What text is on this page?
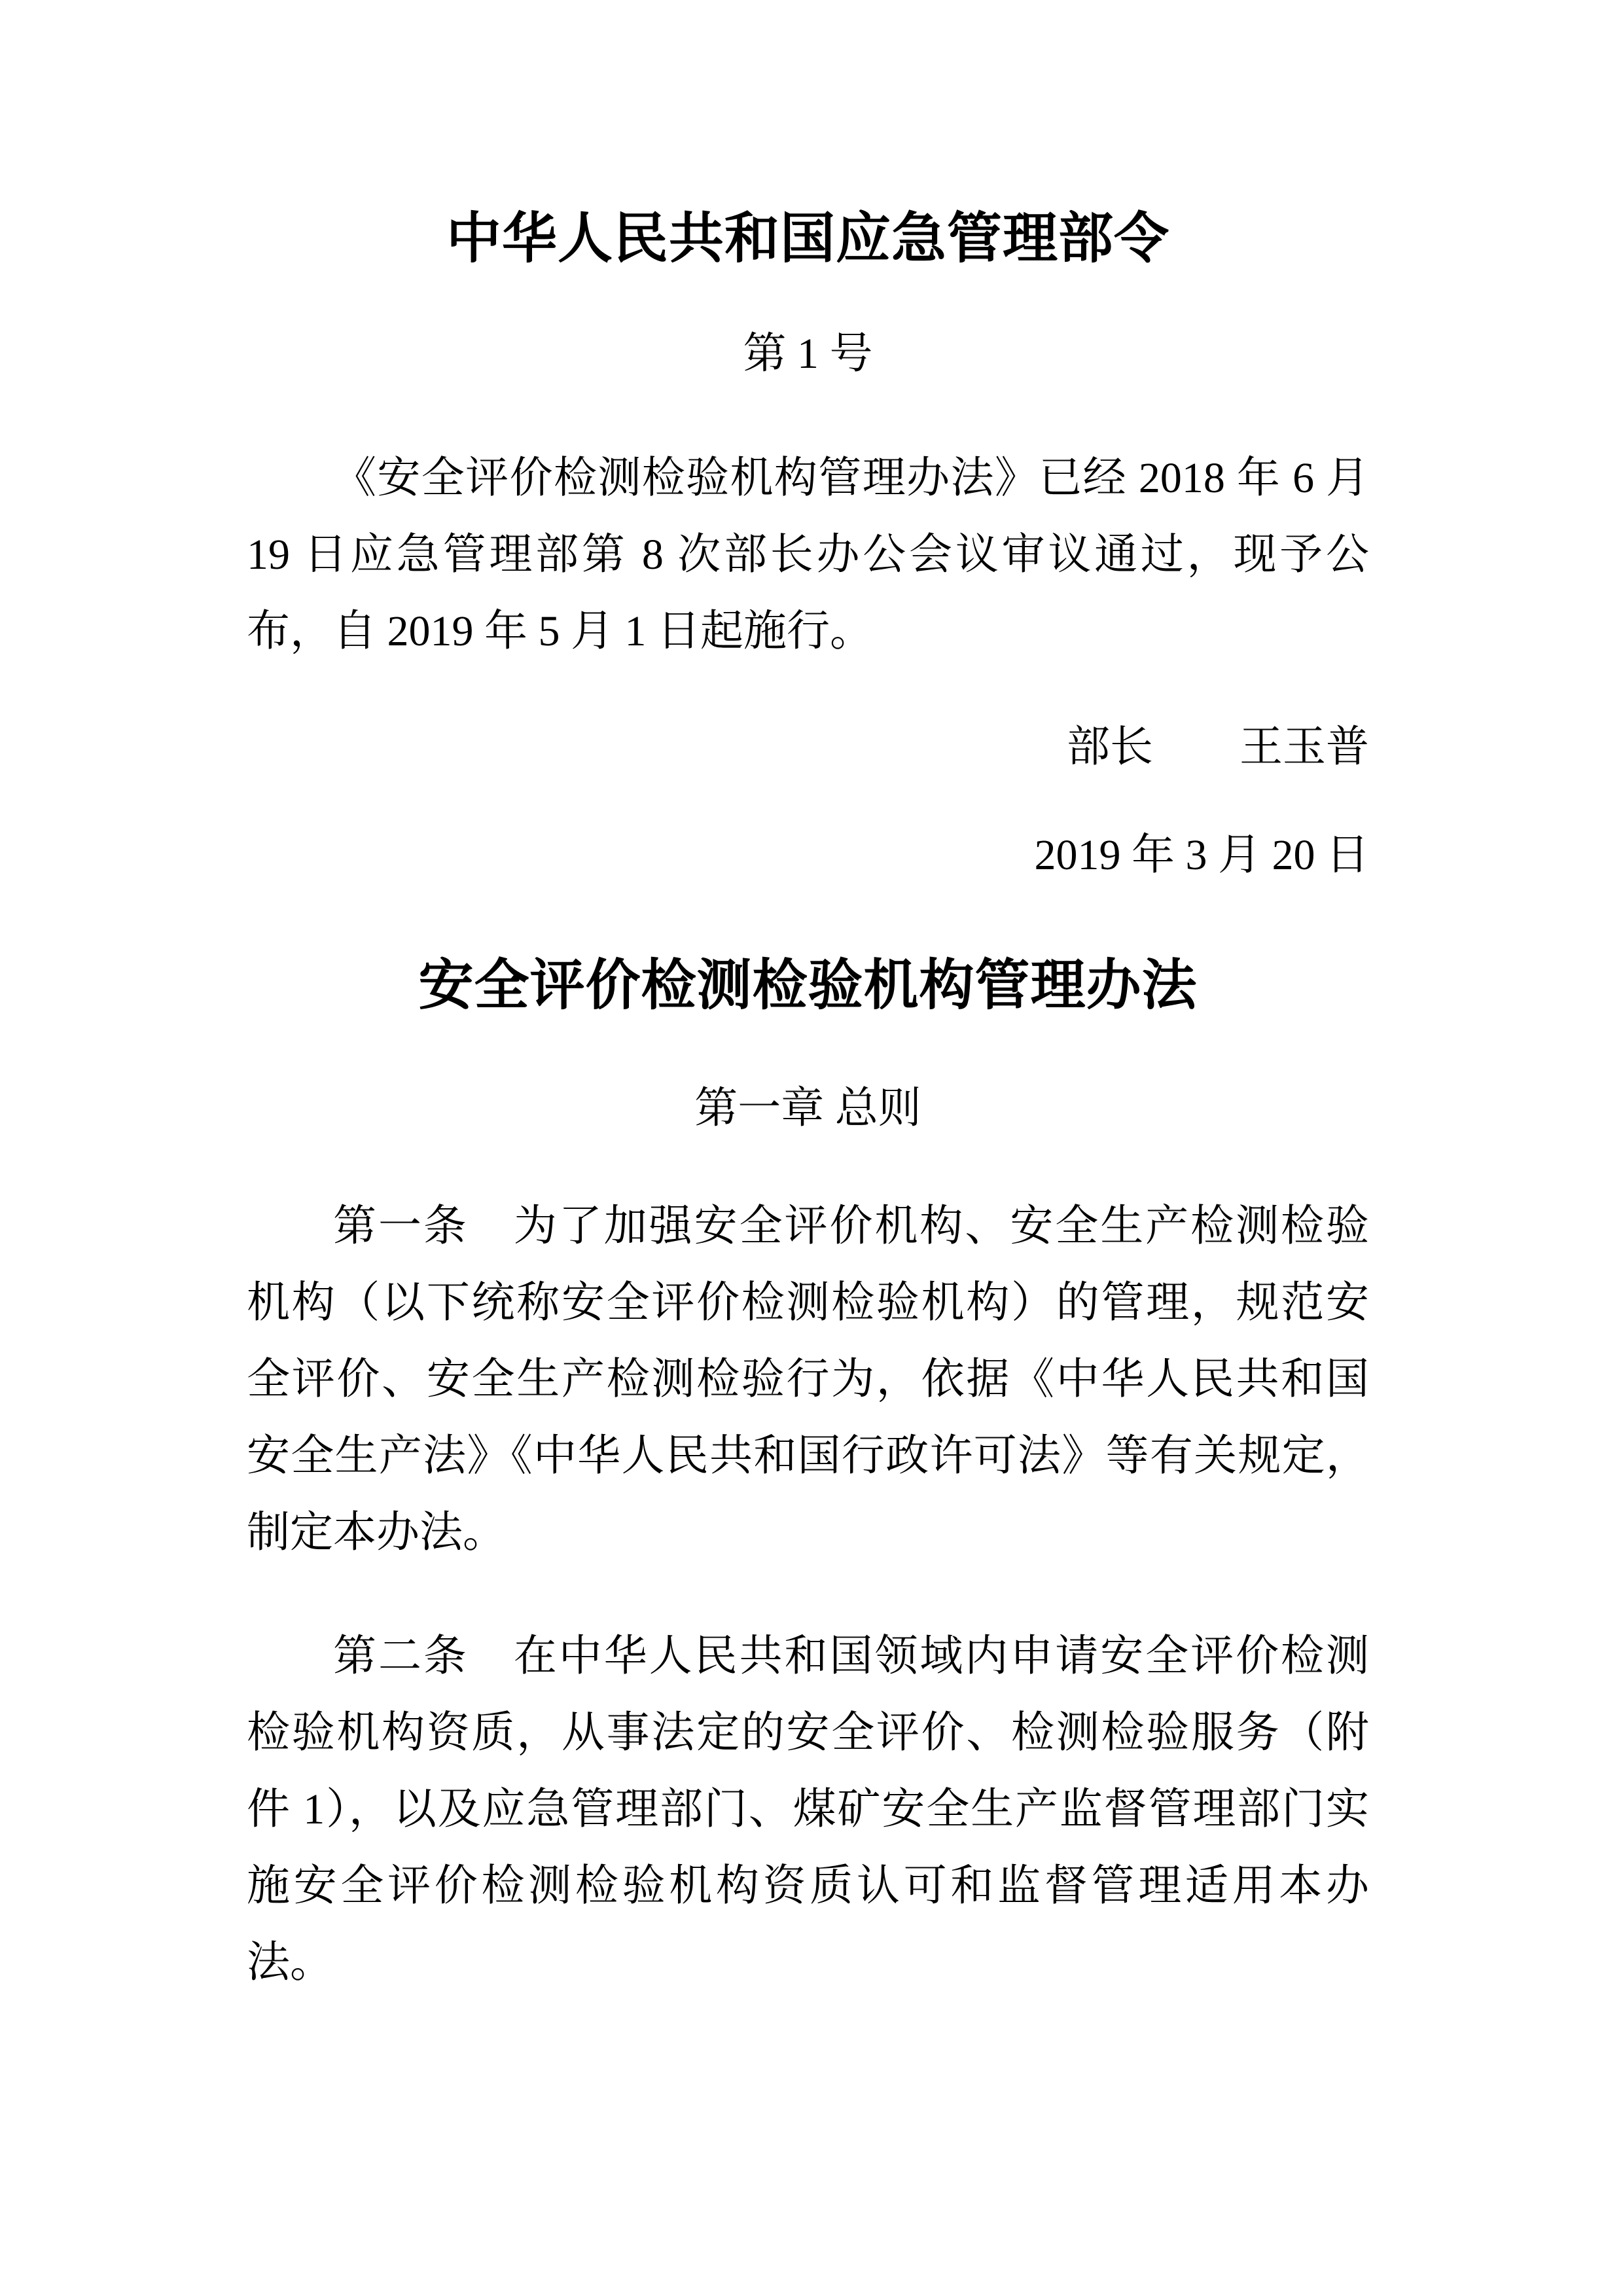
中华人民共和国应急管理部令
第 1 号

《安全评价检测检验机构管理办法》已经 2018 年 6 月 19 日应急管理部第 8 次部长办公会议审议通过，现予公布，自 2019 年 5 月 1 日起施行。

部长　　王玉普
2019 年 3 月 20 日
安全评价检测检验机构管理办法
第一章 总则

第一条　为了加强安全评价机构、安全生产检测检验机构（以下统称安全评价检测检验机构）的管理，规范安全评价、安全生产检测检验行为，依据《中华人民共和国安全生产法》《中华人民共和国行政许可法》等有关规定，制定本办法。

第二条　在中华人民共和国领域内申请安全评价检测检验机构资质，从事法定的安全评价、检测检验服务（附件 1），以及应急管理部门、煤矿安全生产监督管理部门实施安全评价检测检验机构资质认可和监督管理适用本办法。
